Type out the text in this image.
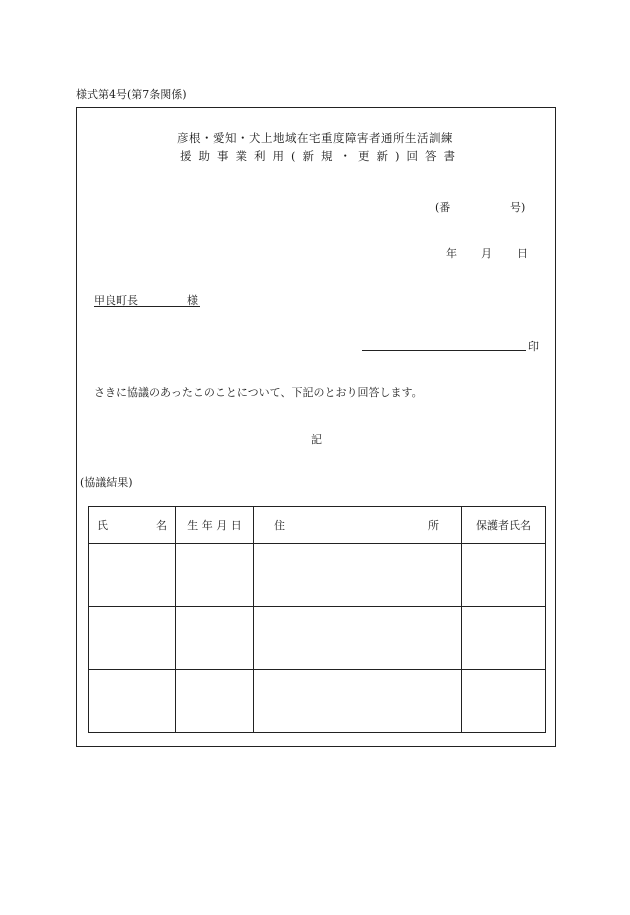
様式第4号(第7条関係)
彦根・愛知・犬上地域在宅重度障害者通所生活訓練
援助事業利用(新規・更新)回答書
(番	号)
年 月 日
甲良町長	様
印
さきに協議のあったこのことについて、下記のとおり回答します。
記
(協議結果)
氏 名	生 年 月 日	住 所	保護者氏名
